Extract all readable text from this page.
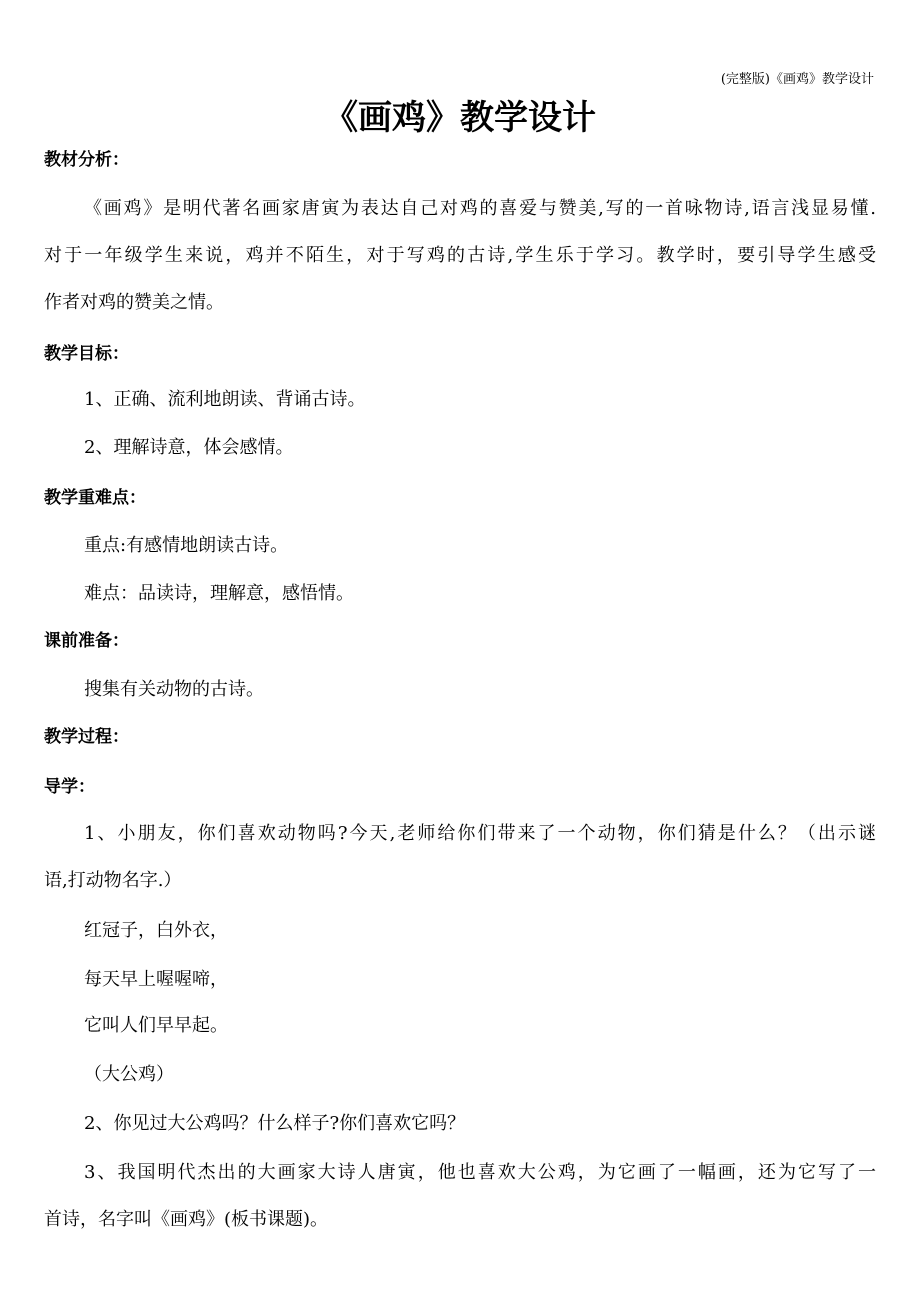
(完整版)《画鸡》教学设计
《画鸡》教学设计
教材分析：
《画鸡》是明代著名画家唐寅为表达自己对鸡的喜爱与赞美,写的一首咏物诗,语言浅显易懂.
对于一年级学生来说，鸡并不陌生，对于写鸡的古诗,学生乐于学习。教学时，要引导学生感受
作者对鸡的赞美之情。
教学目标：
1、正确、流利地朗读、背诵古诗。
2、理解诗意，体会感情。
教学重难点：
重点:有感情地朗读古诗。
难点：品读诗，理解意，感悟情。
课前准备：
搜集有关动物的古诗。
教学过程：
导学：
1、小朋友，你们喜欢动物吗?今天,老师给你们带来了一个动物，你们猜是什么？（出示谜
语,打动物名字.）
红冠子，白外衣，
每天早上喔喔啼，
它叫人们早早起。
（大公鸡）
2、你见过大公鸡吗？什么样子?你们喜欢它吗？
3、我国明代杰出的大画家大诗人唐寅，他也喜欢大公鸡，为它画了一幅画，还为它写了一
首诗，名字叫《画鸡》(板书课题)。
